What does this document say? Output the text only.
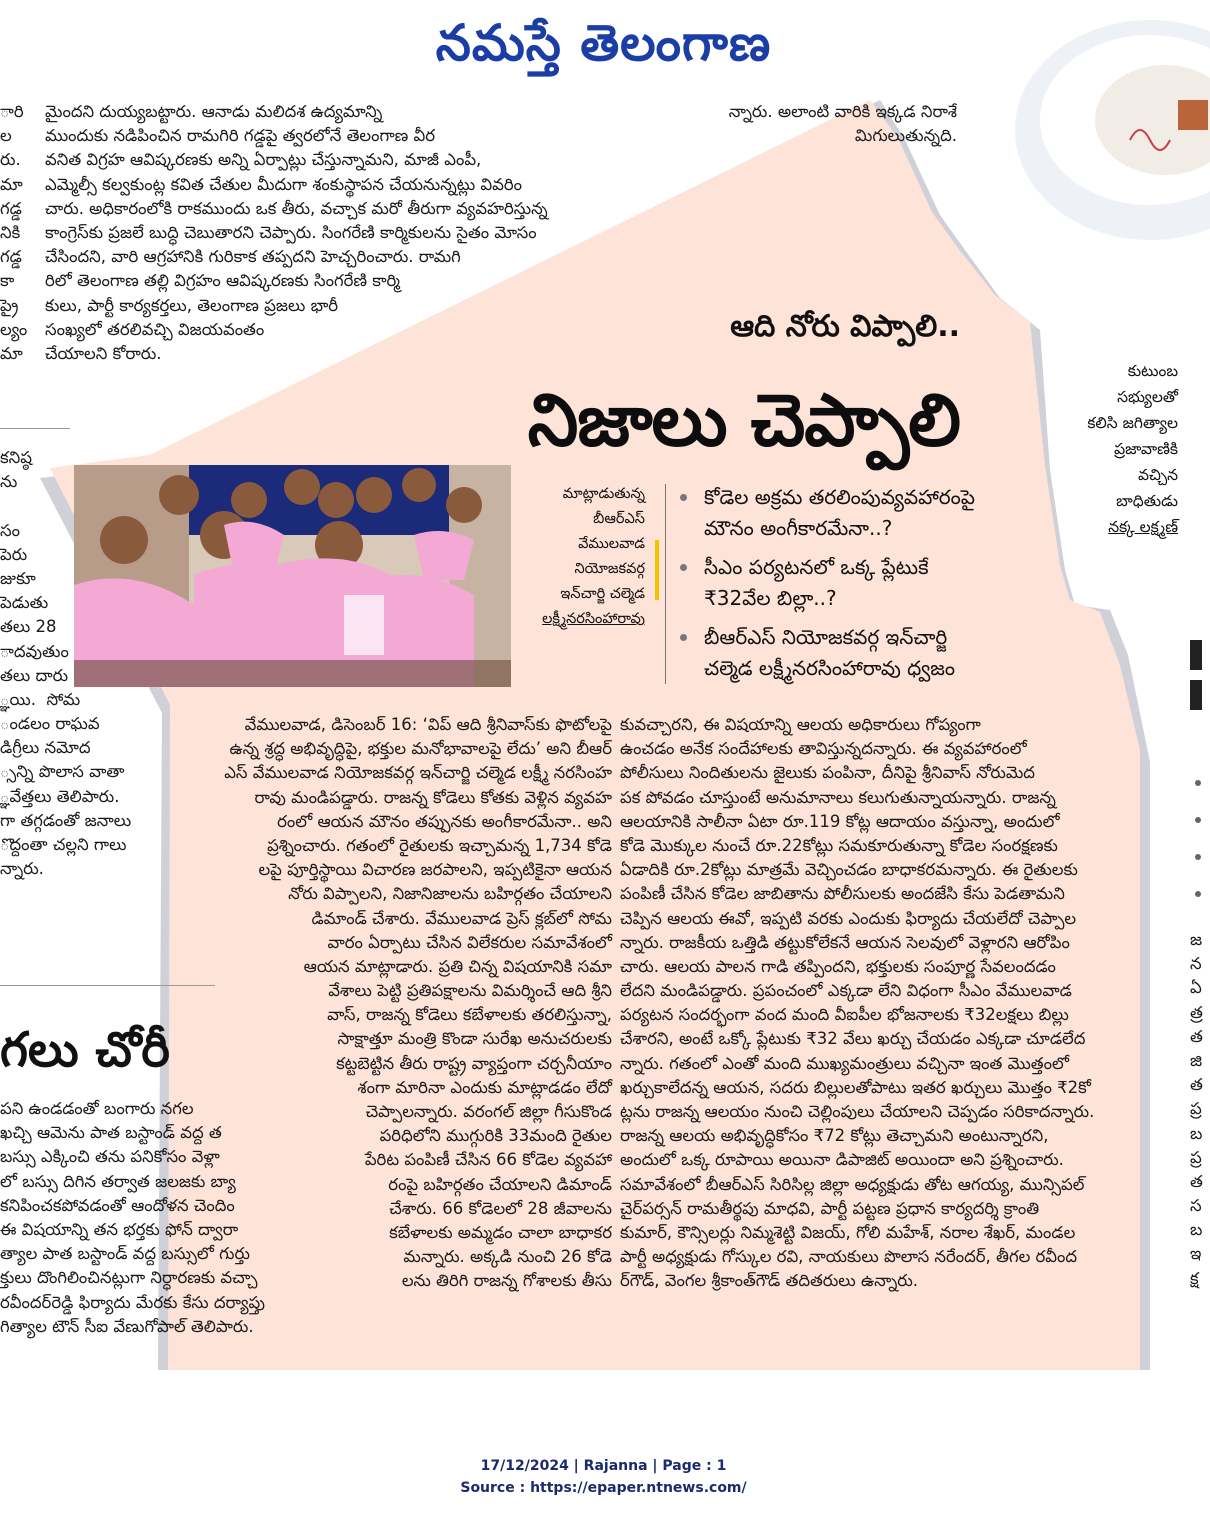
నమస్తే తెలంగాణ
ారి
ల
రు.
మా
గడ్డ
నికి
గడ్డ
కా
ప్రై
ల్యం
మా
కనిష్ఠ
ను
సం
పెరు
జుకూ
పెడుతు
తలు 28
ాదవుతుం
తలు దారు
్ఞయి.  సోమ
ండలం రాఘవ
డిగ్రీలు నమోద
్సన్ని పొలాస వాతా
్ఞవేత్తలు తెలిపారు.
గా తగ్గడంతో జనాలు
ొద్దంతా చల్లని గాలు
న్నారు.
గలు చోరీ
పని ఉండడంతో బంగారు నగల
ఖచ్చి ఆమెను పాత బస్టాండ్ వద్ద త
బస్సు ఎక్కించి తను పనికోసం వెళ్లా
లో బస్సు దిగిన తర్వాత జలజకు బ్యా
కనిపించకపోవడంతో ఆందోళన చెందిం
ఈ విషయాన్ని తన భర్తకు ఫోన్ ద్వారా
త్యాల పాత బస్టాండ్ వద్ద బస్సులో గుర్తు
క్తులు దొంగిలించినట్లుగా నిర్ధారణకు వచ్చా
రవీందర్‌రెడ్డి ఫిర్యాదు మేరకు కేసు దర్యాప్తు
గిత్యాల టౌన్ సీఐ వేణుగోపాల్ తెలిపారు.
మైందని దుయ్యబట్టారు. ఆనాడు మలిదశ ఉద్యమాన్ని
ముందుకు నడిపించిన రామగిరి గడ్డపై త్వరలోనే తెలంగాణ వీర
వనిత విగ్రహ ఆవిష్కరణకు అన్ని ఏర్పాట్లు చేస్తున్నామని, మాజీ ఎంపీ,
ఎమ్మెల్సీ కల్వకుంట్ల కవిత చేతుల మీదుగా శంకుస్థాపన చేయనున్నట్లు వివరిం
చారు. అధికారంలోకి రాకముందు ఒక తీరు, వచ్చాక మరో తీరుగా వ్యవహరిస్తున్న
కాంగ్రెస్‌కు ప్రజలే బుద్ధి చెబుతారని చెప్పారు. సింగరేణి కార్మికులను సైతం మోసం
చేసిందని, వారి ఆగ్రహానికి గురికాక తప్పదని హెచ్చరించారు. రామగి
రిలో తెలంగాణ తల్లి విగ్రహం ఆవిష్కరణకు సింగరేణి కార్మి
కులు, పార్టీ కార్యకర్తలు, తెలంగాణ ప్రజలు భారీ
సంఖ్యలో తరలివచ్చి విజయవంతం
చేయాలని కోరారు.
న్నారు. అలాంటి వారికి ఇక్కడ నిరాశే
మిగులుతున్నది.
ఆది నోరు విప్పాలి..
నిజాలు చెప్పాలి
మాట్లాడుతున్న
బీఆర్‌ఎస్
వేములవాడ
నియోజకవర్గ
ఇన్‌చార్జి చల్మెడ
లక్ష్మీనరసింహారావు
కోడెల అక్రమ తరలింపువ్యవహారంపై
మౌనం అంగీకారమేనా..?
సీఎం పర్యటనలో ఒక్క ప్లేటుకే
₹32వేల బిల్లా..?
బీఆర్‌ఎస్ నియోజకవర్గ ఇన్‌చార్జి
చల్మెడ లక్ష్మీనరసింహారావు ధ్వజం
వేములవాడ, డిసెంబర్ 16: ‘విప్ ఆది శ్రీనివాస్‌కు ఫొటోలపై
ఉన్న శ్రద్ధ అభివృద్ధిపై, భక్తుల మనోభావాలపై లేదు’ అని బీఆర్
ఎస్ వేములవాడ నియోజకవర్గ ఇన్‌చార్జి చల్మెడ లక్ష్మీ నరసింహ
రావు మండిపడ్డారు. రాజన్న కోడెలు కోతకు వెళ్లిన వ్యవహ
రంలో ఆయన మౌనం తప్పునకు అంగీకారమేనా.. అని
ప్రశ్నించారు. గతంలో రైతులకు ఇచ్చామన్న 1,734 కోడె
లపై పూర్తిస్థాయి విచారణ జరపాలని, ఇప్పటికైనా ఆయన
నోరు విప్పాలని, నిజానిజాలను బహిర్గతం చేయాలని
డిమాండ్ చేశారు. వేములవాడ ప్రెస్ క్లబ్‌లో సోమ
వారం ఏర్పాటు చేసిన విలేకరుల సమావేశంలో
ఆయన మాట్లాడారు. ప్రతి చిన్న విషయానికి సమా
వేశాలు పెట్టి ప్రతిపక్షాలను విమర్శించే ఆది శ్రీని
వాస్, రాజన్న కోడెలు కబేళాలకు తరలిస్తున్నా,
సాక్షాత్తూ మంత్రి కొండా సురేఖ అనుచరులకు
కట్టబెట్టిన తీరు రాష్ట్ర వ్యాప్తంగా చర్చనీయాం
శంగా మారినా ఎందుకు మాట్లాడడం లేదో
చెప్పాలన్నారు. వరంగల్ జిల్లా గీసుకొండ
పరిధిలోని ముగ్గురికి 33మంది రైతుల
పేరిట పంపిణీ చేసిన 66 కోడెల వ్యవహా
రంపై బహిర్గతం చేయాలని డిమాండ్
చేశారు. 66 కోడెలలో 28 జీవాలను
కబేళాలకు అమ్మడం చాలా బాధాకర
మన్నారు. అక్కడి నుంచి 26 కోడె
లను తిరిగి రాజన్న గోశాలకు తీసు
కువచ్చారని, ఈ విషయాన్ని ఆలయ అధికారులు గోప్యంగా
ఉంచడం అనేక సందేహాలకు తావిస్తున్నదన్నారు. ఈ వ్యవహారంలో
పోలీసులు నిందితులను జైలుకు పంపినా, దీనిపై శ్రీనివాస్ నోరుమెద
పక పోవడం చూస్తుంటే అనుమానాలు కలుగుతున్నాయన్నారు. రాజన్న
ఆలయానికి సాలీనా ఏటా రూ.119 కోట్ల ఆదాయం వస్తున్నా, అందులో
కోడె మొక్కుల నుంచే రూ.22కోట్లు సమకూరుతున్నా కోడెల సంరక్షణకు
ఏడాదికి రూ.2కోట్లు మాత్రమే వెచ్చించడం బాధాకరమన్నారు. ఈ రైతులకు
పంపిణీ చేసిన కోడెల జాబితాను పోలీసులకు అందజేసి కేసు పెడతామని
చెప్పిన ఆలయ ఈవో, ఇప్పటి వరకు ఎందుకు ఫిర్యాదు చేయలేదో చెప్పాల
న్నారు. రాజకీయ ఒత్తిడి తట్టుకోలేకనే ఆయన సెలవులో వెళ్లారని ఆరోపిం
చారు. ఆలయ పాలన గాడి తప్పిందని, భక్తులకు సంపూర్ణ సేవలందడం
లేదని మండిపడ్డారు. ప్రపంచంలో ఎక్కడా లేని విధంగా సీఎం వేములవాడ
పర్యటన సందర్భంగా వంద మంది వీఐపీల భోజనాలకు ₹32లక్షలు బిల్లు
చేశారని, అంటే ఒక్కో ప్లేటుకు ₹32 వేలు ఖర్చు చేయడం ఎక్కడా చూడలేద
న్నారు. గతంలో ఎంతో మంది ముఖ్యమంత్రులు వచ్చినా ఇంత మొత్తంలో
ఖర్చుకాలేదన్న ఆయన, సదరు బిల్లులతోపాటు ఇతర ఖర్చులు మొత్తం ₹2కో
ట్లను రాజన్న ఆలయం నుంచి చెల్లింపులు చేయాలని చెప్పడం సరికాదన్నారు.
రాజన్న ఆలయ అభివృద్ధికోసం ₹72 కోట్లు తెచ్చామని అంటున్నారని,
అందులో ఒక్క రూపాయి అయినా డిపాజిట్ అయిందా అని ప్రశ్నించారు.
సమావేశంలో బీఆర్‌ఎస్ సిరిసిల్ల జిల్లా అధ్యక్షుడు తోట ఆగయ్య, మున్సిపల్
చైర్‌పర్సన్ రామతీర్థపు మాధవి, పార్టీ పట్టణ ప్రధాన కార్యదర్శి క్రాంతి
కుమార్, కౌన్సిలర్లు నిమ్మశెట్టి విజయ్, గోలి మహేశ్, నరాల శేఖర్, మండల
పార్టీ అధ్యక్షుడు గోస్కుల రవి, నాయకులు పొలాస నరేందర్, తీగల రవీంద
ర్‌గౌడ్, వెంగల శ్రీకాంత్‌గౌడ్ తదితరులు ఉన్నారు.
కుటుంబ
సభ్యులతో
కలిసి జగిత్యాల
ప్రజావాణికి
వచ్చిన
బాధితుడు
నక్క లక్ష్మణ్
జ
న
ఏ
త్ర
త
జి
త
ప్ర
బ
ప్ర
త
స
బ
ఇ
క్ష
17/12/2024 | Rajanna | Page : 1
Source : https://epaper.ntnews.com/
